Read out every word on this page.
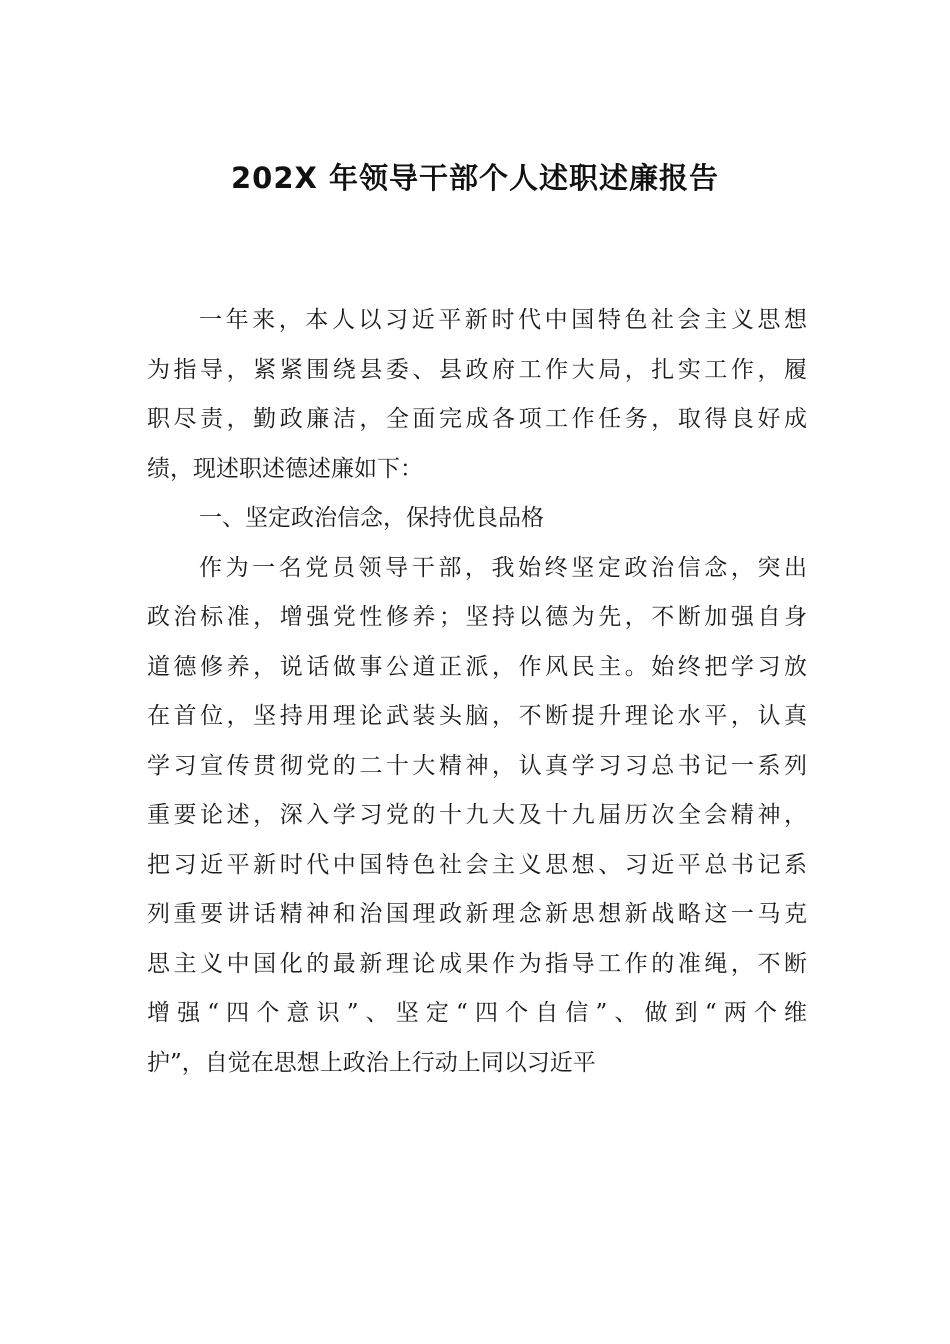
202X 年领导干部个人述职述廉报告
一年来，本人以习近平新时代中国特色社会主义思想
为指导，紧紧围绕县委、县政府工作大局，扎实工作，履
职尽责，勤政廉洁，全面完成各项工作任务，取得良好成
绩，现述职述德述廉如下：
一、坚定政治信念，保持优良品格
作为一名党员领导干部，我始终坚定政治信念，突出
政治标准，增强党性修养；坚持以德为先，不断加强自身
道德修养，说话做事公道正派，作风民主。始终把学习放
在首位，坚持用理论武装头脑，不断提升理论水平，认真
学习宣传贯彻党的二十大精神，认真学习习总书记一系列
重要论述，深入学习党的十九大及十九届历次全会精神，
把习近平新时代中国特色社会主义思想、习近平总书记系
列重要讲话精神和治国理政新理念新思想新战略这一马克
思主义中国化的最新理论成果作为指导工作的准绳，不断
增强“四个意识”、坚定“四个自信”、做到“两个维
护”，自觉在思想上政治上行动上同以习近平
